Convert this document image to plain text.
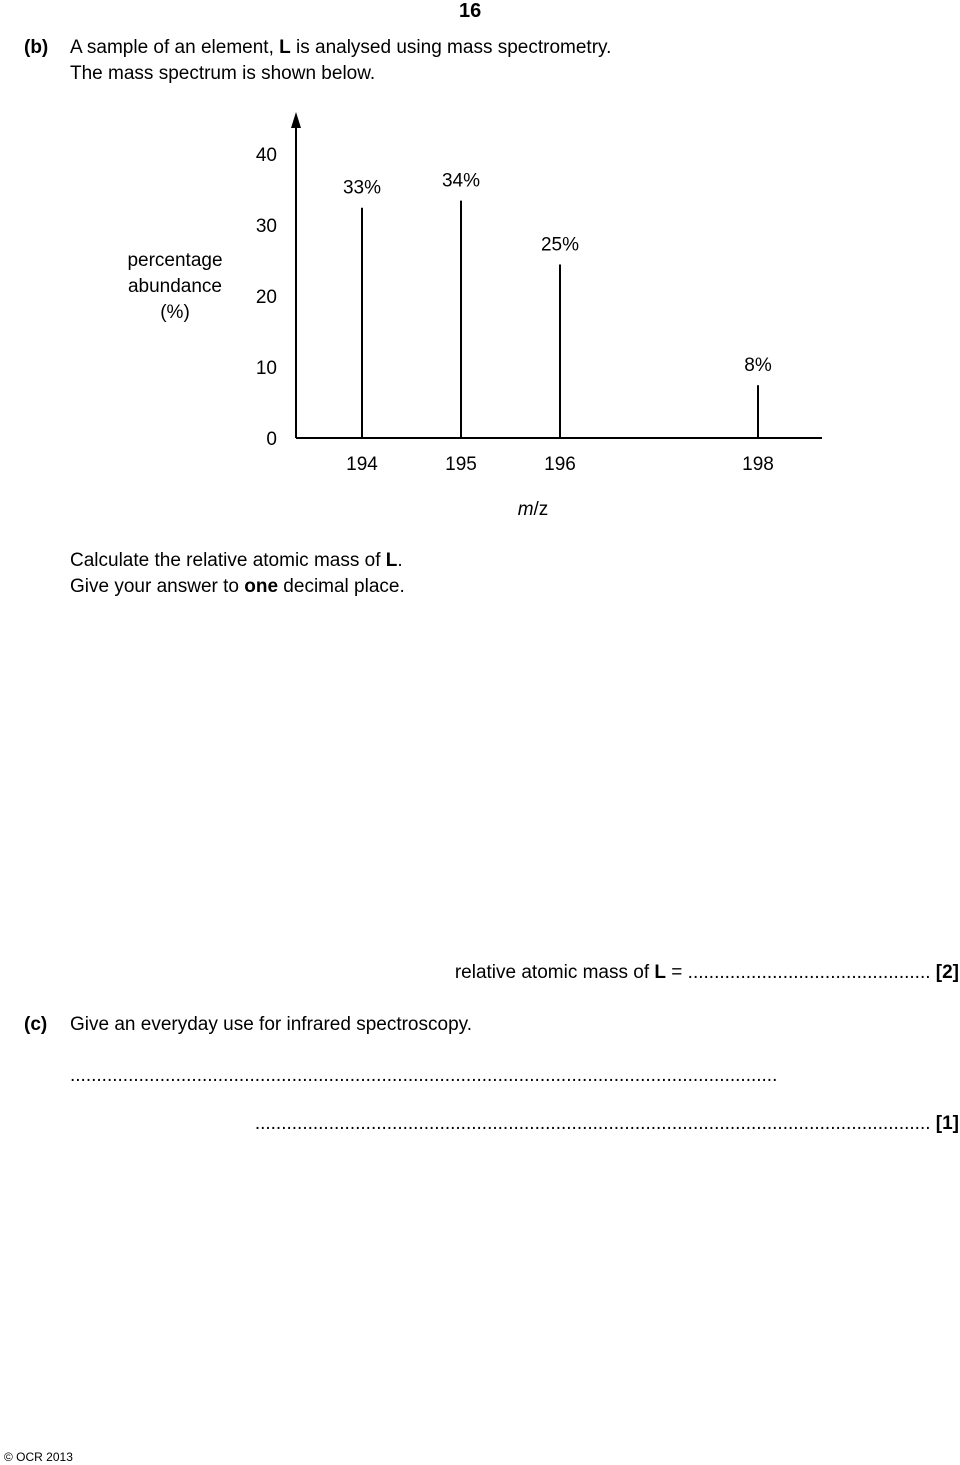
16
(b) A sample of an element, L is analysed using mass spectrometry.
The mass spectrum is shown below.
0
10
20
30
40
percentage
abundance
(%)
33%
194
34%
195
25%
196
8%
198
m/z
Calculate the relative atomic mass of L.
Give your answer to one decimal place.
relative atomic mass of L = .............................................. [2]
(c) Give an everyday use for infrared spectroscopy.
......................................................................................................................................
................................................................................................................................ [1]
© OCR 2013
